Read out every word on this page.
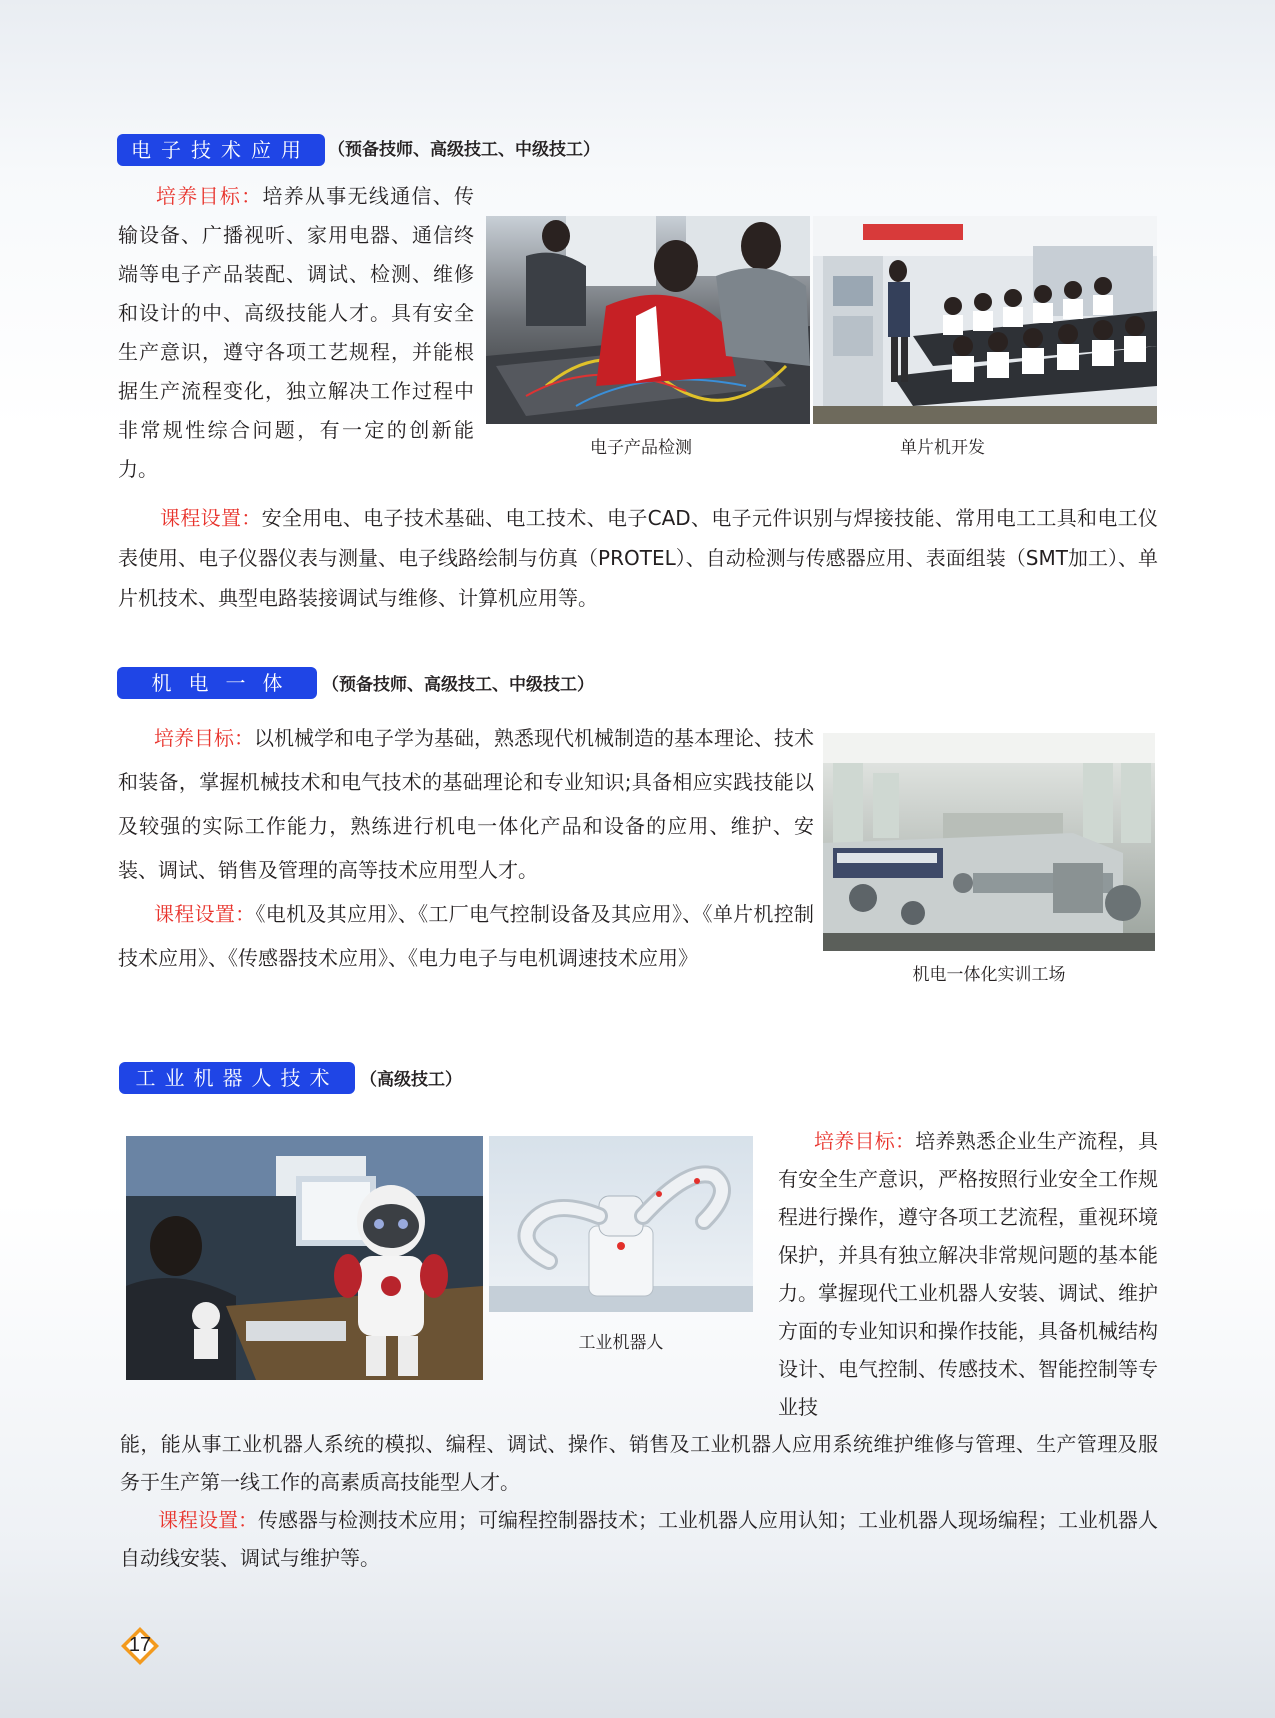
电子技术应用	（预备技师、高级技工、中级技工）
培养目标：培养从事无线通信、传输设备、广播视听、家用电器、通信终端等电子产品装配、调试、检测、维修和设计的中、高级技能人才。具有安全生产意识，遵守各项工艺规程，并能根据生产流程变化，独立解决工作过程中非常规性综合问题，有一定的创新能力。
电子产品检测	单片机开发
课程设置：安全用电、电子技术基础、电工技术、电子CAD、电子元件识别与焊接技能、常用电工工具和电工仪表使用、电子仪器仪表与测量、电子线路绘制与仿真（PROTEL）、自动检测与传感器应用、表面组装（SMT加工）、单片机技术、典型电路装接调试与维修、计算机应用等。
机电一体化
（预备技师、高级技工、中级技工）
培养目标：以机械学和电子学为基础，熟悉现代机械制造的基本理论、技术和装备，掌握机械技术和电气技术的基础理论和专业知识;具备相应实践技能以及较强的实际工作能力，熟练进行机电一体化产品和设备的应用、维护、安装、调试、销售及管理的高等技术应用型人才。
课程设置：《电机及其应用》、《工厂电气控制设备及其应用》、《单片机控制技术应用》、《传感器技术应用》、《电力电子与电机调速技术应用》
机电一体化实训工场
工业机器人技术	（高级技工）
工业机器人
培养目标：培养熟悉企业生产流程，具有安全生产意识，严格按照行业安全工作规程进行操作，遵守各项工艺流程，重视环境保护，并具有独立解决非常规问题的基本能力。掌握现代工业机器人安装、调试、维护方面的专业知识和操作技能，具备机械结构设计、电气控制、传感技术、智能控制等专业技
能，能从事工业机器人系统的模拟、编程、调试、操作、销售及工业机器人应用系统维护维修与管理、生产管理及服务于生产第一线工作的高素质高技能型人才。
课程设置：传感器与检测技术应用；可编程控制器技术；工业机器人应用认知；工业机器人现场编程；工业机器人自动线安装、调试与维护等。
17
